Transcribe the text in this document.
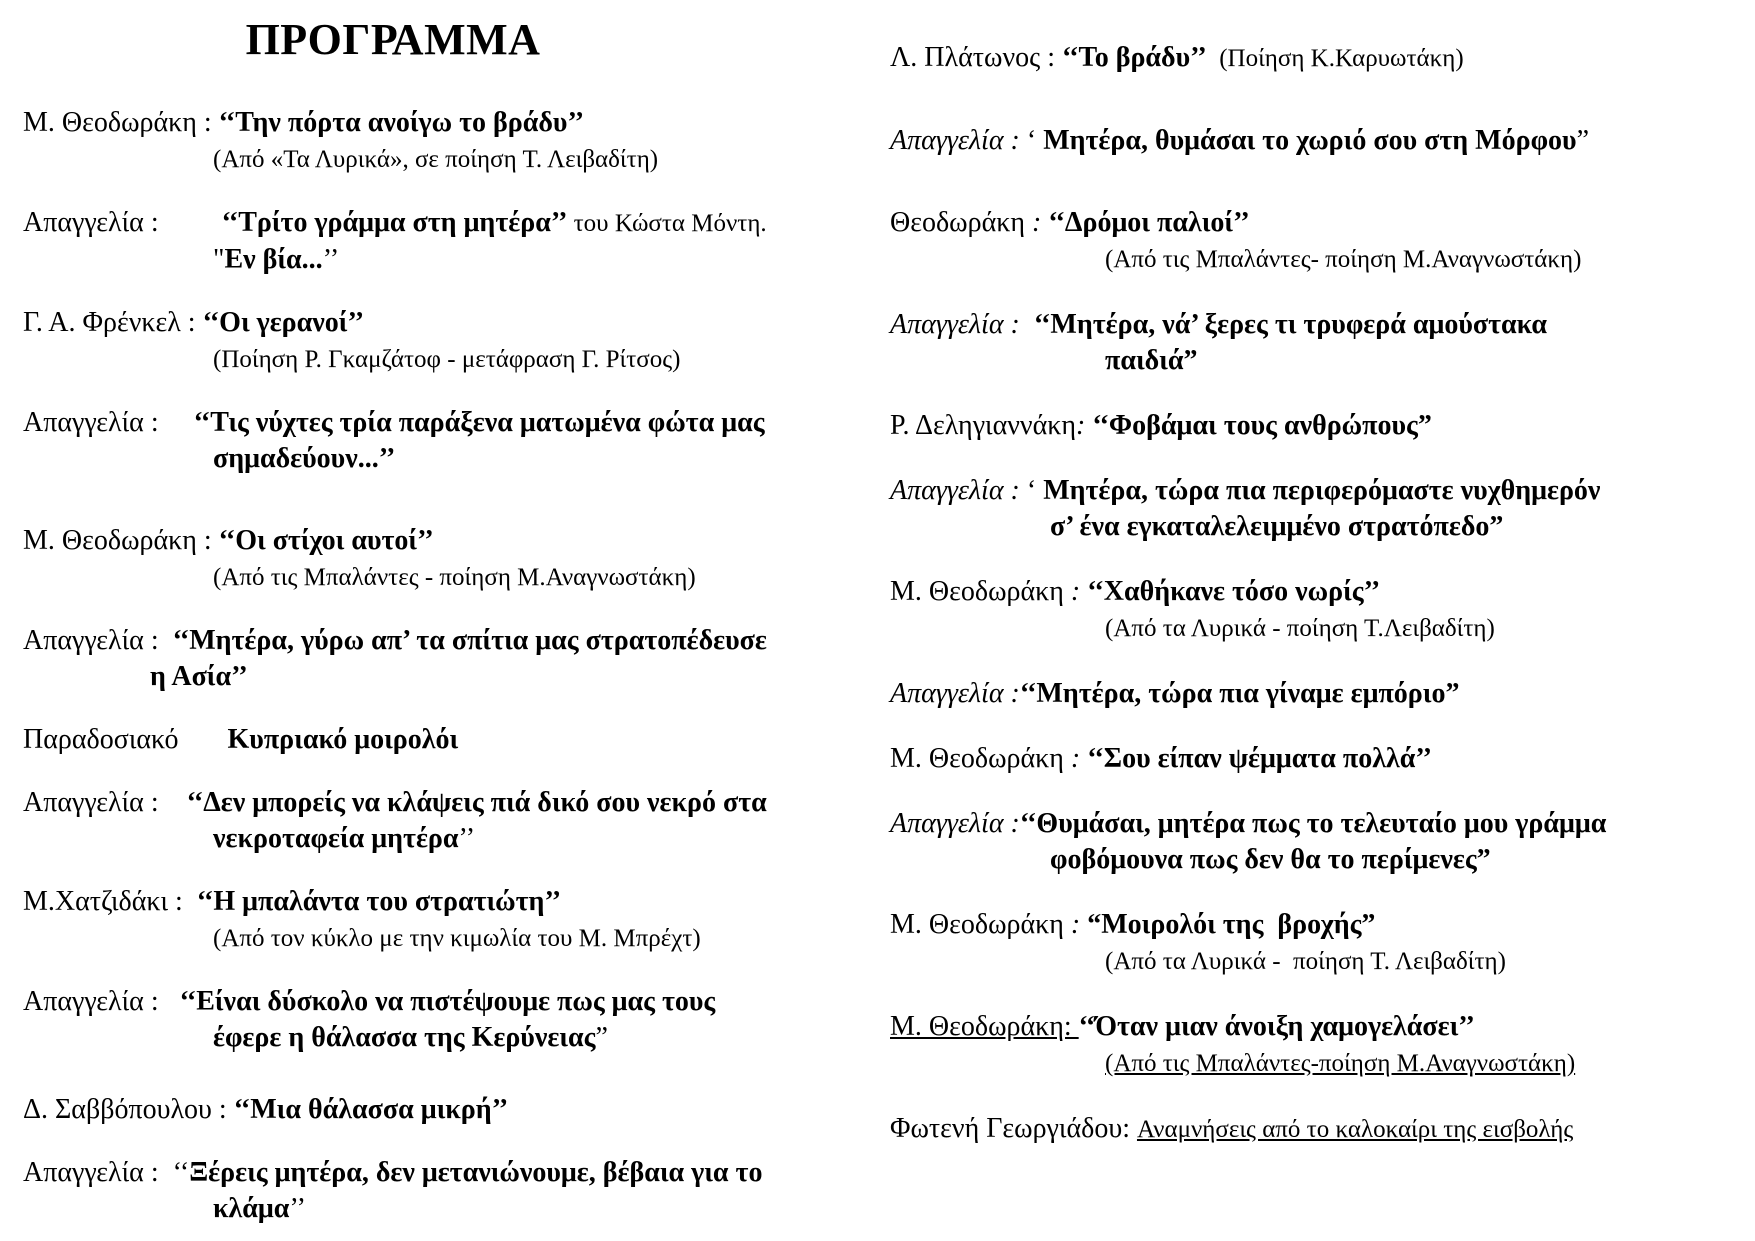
ΠΡΟΓΡΑΜΜΑ
Μ. Θεοδωράκη : ‘‘Την πόρτα ανοίγω το βράδυ’’
(Από «Τα Λυρικά», σε ποίηση Τ. Λειβαδίτη)
Απαγγελία :         ‘‘Τρίτο γράμμα στη μητέρα’’ του Κώστα Μόντη.
"Εν βία...’’
Γ. Α. Φρένκελ : ‘‘Οι γερανοί’’
(Ποίηση Ρ. Γκαμζάτοφ - μετάφραση Γ. Ρίτσος)
Απαγγελία :     ‘‘Τις νύχτες τρία παράξενα ματωμένα φώτα μας
σημαδεύουν...’’
Μ. Θεοδωράκη : ‘‘Οι στίχοι αυτοί’’
(Από τις Μπαλάντες - ποίηση Μ.Αναγνωστάκη)
Απαγγελία :  ‘‘Μητέρα, γύρω απ’ τα σπίτια μας στρατοπέδευσε
η Ασία’’
Παραδοσιακό       Κυπριακό μοιρολόι
Απαγγελία :    ‘‘Δεν μπορείς να κλάψεις πιά δικό σου νεκρό στα
νεκροταφεία μητέρα’’
Μ.Χατζιδάκι :  ‘‘Η μπαλάντα του στρατιώτη’’
(Από τον κύκλο με την κιμωλία του Μ. Μπρέχτ)
Απαγγελία :   ‘‘Είναι δύσκολο να πιστέψουμε πως μας τους
έφερε η θάλασσα της Κερύνειας”
Δ. Σαββόπουλου : ‘‘Μια θάλασσα μικρή’’
Απαγγελία :  ‘‘Ξέρεις μητέρα, δεν μετανιώνουμε, βέβαια για το
κλάμα’’
Λ. Πλάτωνος : ‘‘Το βράδυ’’  (Ποίηση Κ.Καρυωτάκη)
Απαγγελία : ‘ Μητέρα, θυμάσαι το χωριό σου στη Μόρφου”
Θεοδωράκη : ‘‘Δρόμοι παλιοί’’
(Από τις Μπαλάντες- ποίηση Μ.Αναγνωστάκη)
Απαγγελία :  ‘‘Μητέρα, νά’ ξερες τι τρυφερά αμούστακα
παιδιά”
Ρ. Δεληγιαννάκη: ‘‘Φοβάμαι τους ανθρώπους”
Απαγγελία : ‘ Μητέρα, τώρα πια περιφερόμαστε νυχθημερόν
σ’ ένα εγκαταλελειμμένο στρατόπεδο”
Μ. Θεοδωράκη : ‘‘Χαθήκανε τόσο νωρίς’’
(Από τα Λυρικά - ποίηση Τ.Λειβαδίτη)
Απαγγελία :‘‘Μητέρα, τώρα πια γίναμε εμπόριο”
Μ. Θεοδωράκη : ‘‘Σου είπαν ψέμματα πολλά’’
Απαγγελία :‘‘Θυμάσαι, μητέρα πως το τελευταίο μου γράμμα
φοβόμουνα πως δεν θα το περίμενες”
Μ. Θεοδωράκη : “Μοιρολόι της  βροχής”
(Από τα Λυρικά -  ποίηση Τ. Λειβαδίτη)
Μ. Θεοδωράκη: ‘‘Όταν μιαν άνοιξη χαμογελάσει’’
(Από τις Μπαλάντες-ποίηση Μ.Αναγνωστάκη)
Φωτενή Γεωργιάδου: Αναμνήσεις από το καλοκαίρι της εισβολής
